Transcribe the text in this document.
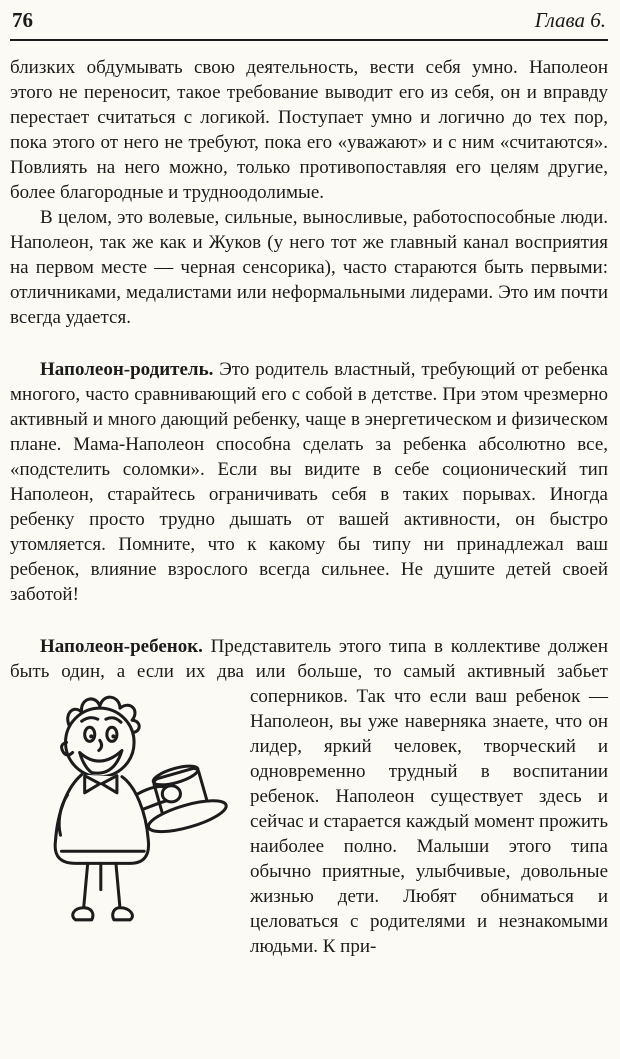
76	Глава 6.

близких обдумывать свою деятельность, вести себя умно. Наполеон этого не переносит, такое требование выводит его из себя, он и вправду перестает считаться с логикой. Поступает умно и логично до тех пор, пока этого от него не требуют, пока его «уважают» и с ним «считаются». Повлиять на него можно, только противопоставляя его целям другие, более благородные и трудноодолимые.

В целом, это волевые, сильные, выносливые, работоспособные люди. Наполеон, так же как и Жуков (у него тот же главный канал восприятия на первом месте — черная сенсорика), часто стараются быть первыми: отличниками, медалистами или неформальными лидерами. Это им почти всегда удается.

Наполеон-родитель. Это родитель властный, требующий от ребенка многого, часто сравнивающий его с собой в детстве. При этом чрезмерно активный и много дающий ребенку, чаще в энергетическом и физическом плане. Мама-Наполеон способна сделать за ребенка абсолютно все, «подстелить соломки». Если вы видите в себе соционический тип Наполеон, старайтесь ограничивать себя в таких порывах. Иногда ребенку просто трудно дышать от вашей активности, он быстро утомляется. Помните, что к какому бы типу ни принадлежал ваш ребенок, влияние взрослого всегда сильнее. Не душите детей своей заботой!

Наполеон-ребенок. Представитель этого типа в коллективе должен быть один, а если их два или больше, то самый активный забьет соперников. Так что если ваш ребенок —
Наполеон, вы уже наверняка знаете, что он лидер, яркий человек, творческий и одновременно трудный в воспитании ребенок. Наполеон существует здесь и сейчас и старается каждый момент прожить наиболее полно. Малыши этого типа обычно приятные, улыбчивые, довольные жизнью дети. Любят обниматься и целоваться с родителями и незнакомыми людьми. К при-
